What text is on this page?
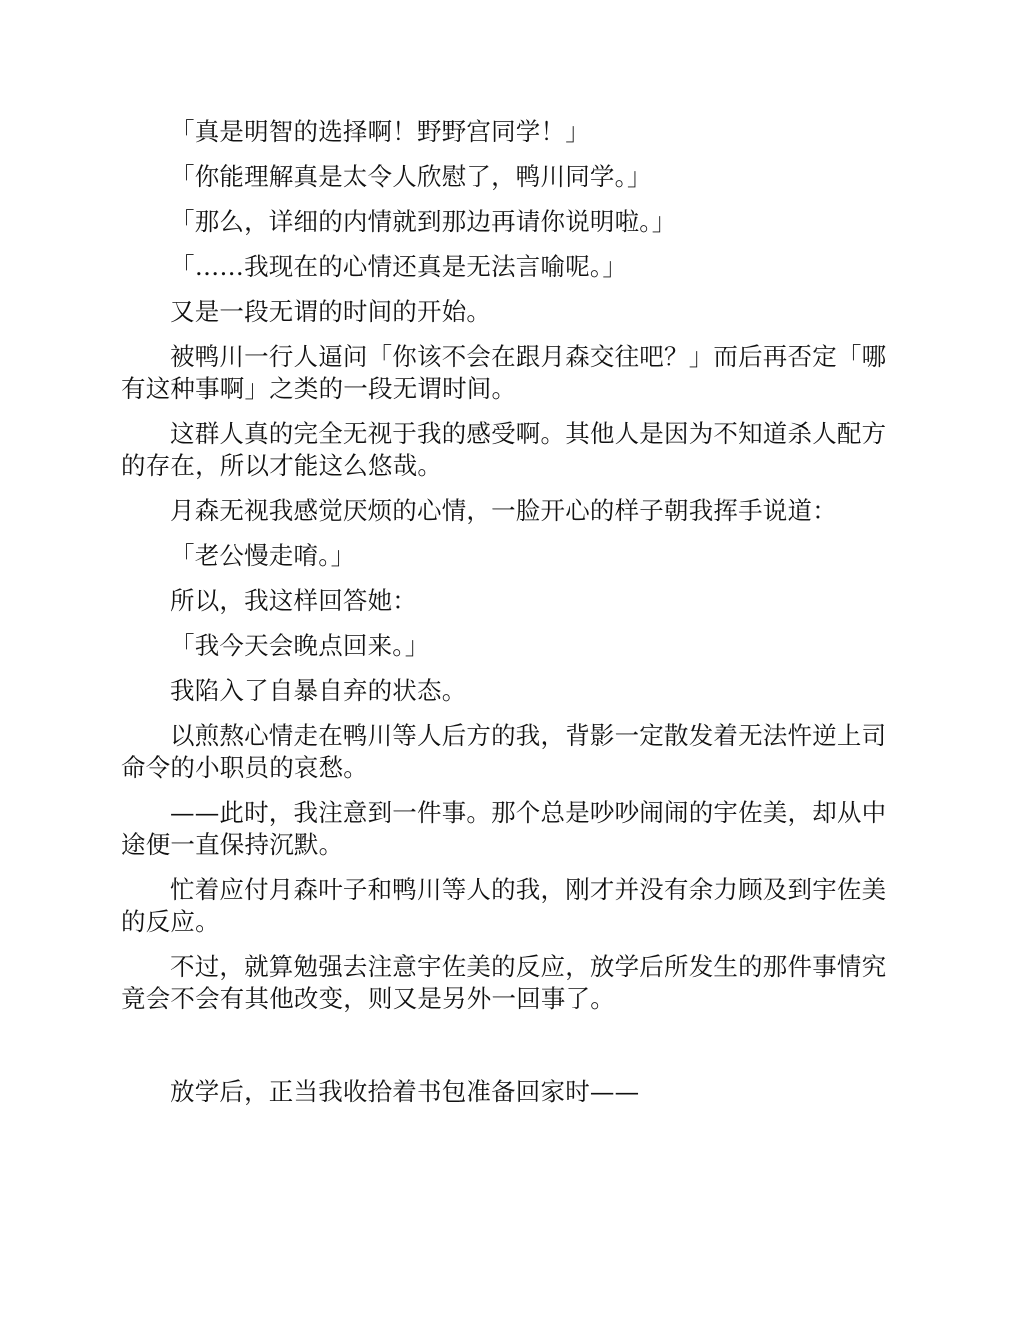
「真是明智的选择啊！野野宫同学！」

「你能理解真是太令人欣慰了，鸭川同学。」

「那么，详细的内情就到那边再请你说明啦。」

「……我现在的心情还真是无法言喻呢。」

又是一段无谓的时间的开始。

被鸭川一行人逼问「你该不会在跟月森交往吧？」而后再否定「哪有这种事啊」之类的一段无谓时间。

这群人真的完全无视于我的感受啊。其他人是因为不知道杀人配方的存在，所以才能这么悠哉。

月森无视我感觉厌烦的心情，一脸开心的样子朝我挥手说道：

「老公慢走唷。」

所以，我这样回答她：

「我今天会晚点回来。」

我陷入了自暴自弃的状态。

以煎熬心情走在鸭川等人后方的我，背影一定散发着无法忤逆上司命令的小职员的哀愁。

——此时，我注意到一件事。那个总是吵吵闹闹的宇佐美，却从中途便一直保持沉默。

忙着应付月森叶子和鸭川等人的我，刚才并没有余力顾及到宇佐美的反应。

不过，就算勉强去注意宇佐美的反应，放学后所发生的那件事情究竟会不会有其他改变，则又是另外一回事了。

放学后，正当我收拾着书包准备回家时——
